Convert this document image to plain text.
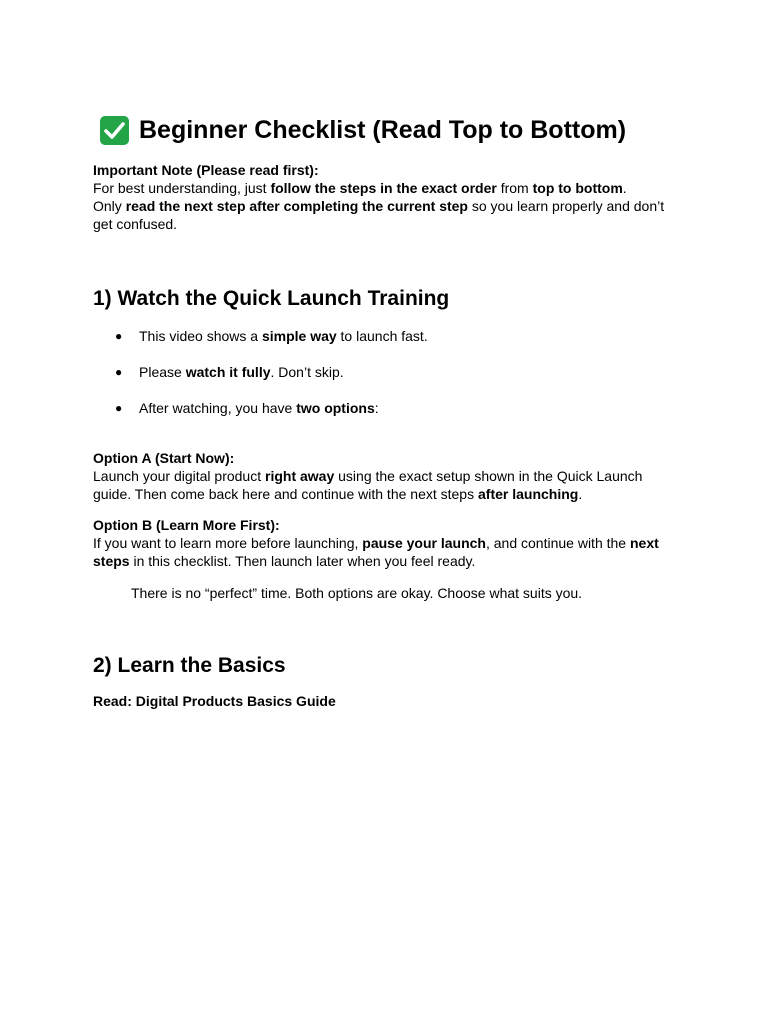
Beginner Checklist (Read Top to Bottom)

Important Note (Please read first):

For best understanding, just follow the steps in the exact order from top to bottom.

Only read the next step after completing the current step so you learn properly and don’t get confused.

1) Watch the Quick Launch Training
● This video shows a simple way to launch fast.
● Please watch it fully. Don’t skip.
● After watching, you have two options:

Option A (Start Now):

Launch your digital product right away using the exact setup shown in the Quick Launch guide. Then come back here and continue with the next steps after launching.

Option B (Learn More First):

If you want to learn more before launching, pause your launch, and continue with the next steps in this checklist. Then launch later when you feel ready.

There is no “perfect” time. Both options are okay. Choose what suits you.

2) Learn the Basics

Read: Digital Products Basics Guide
